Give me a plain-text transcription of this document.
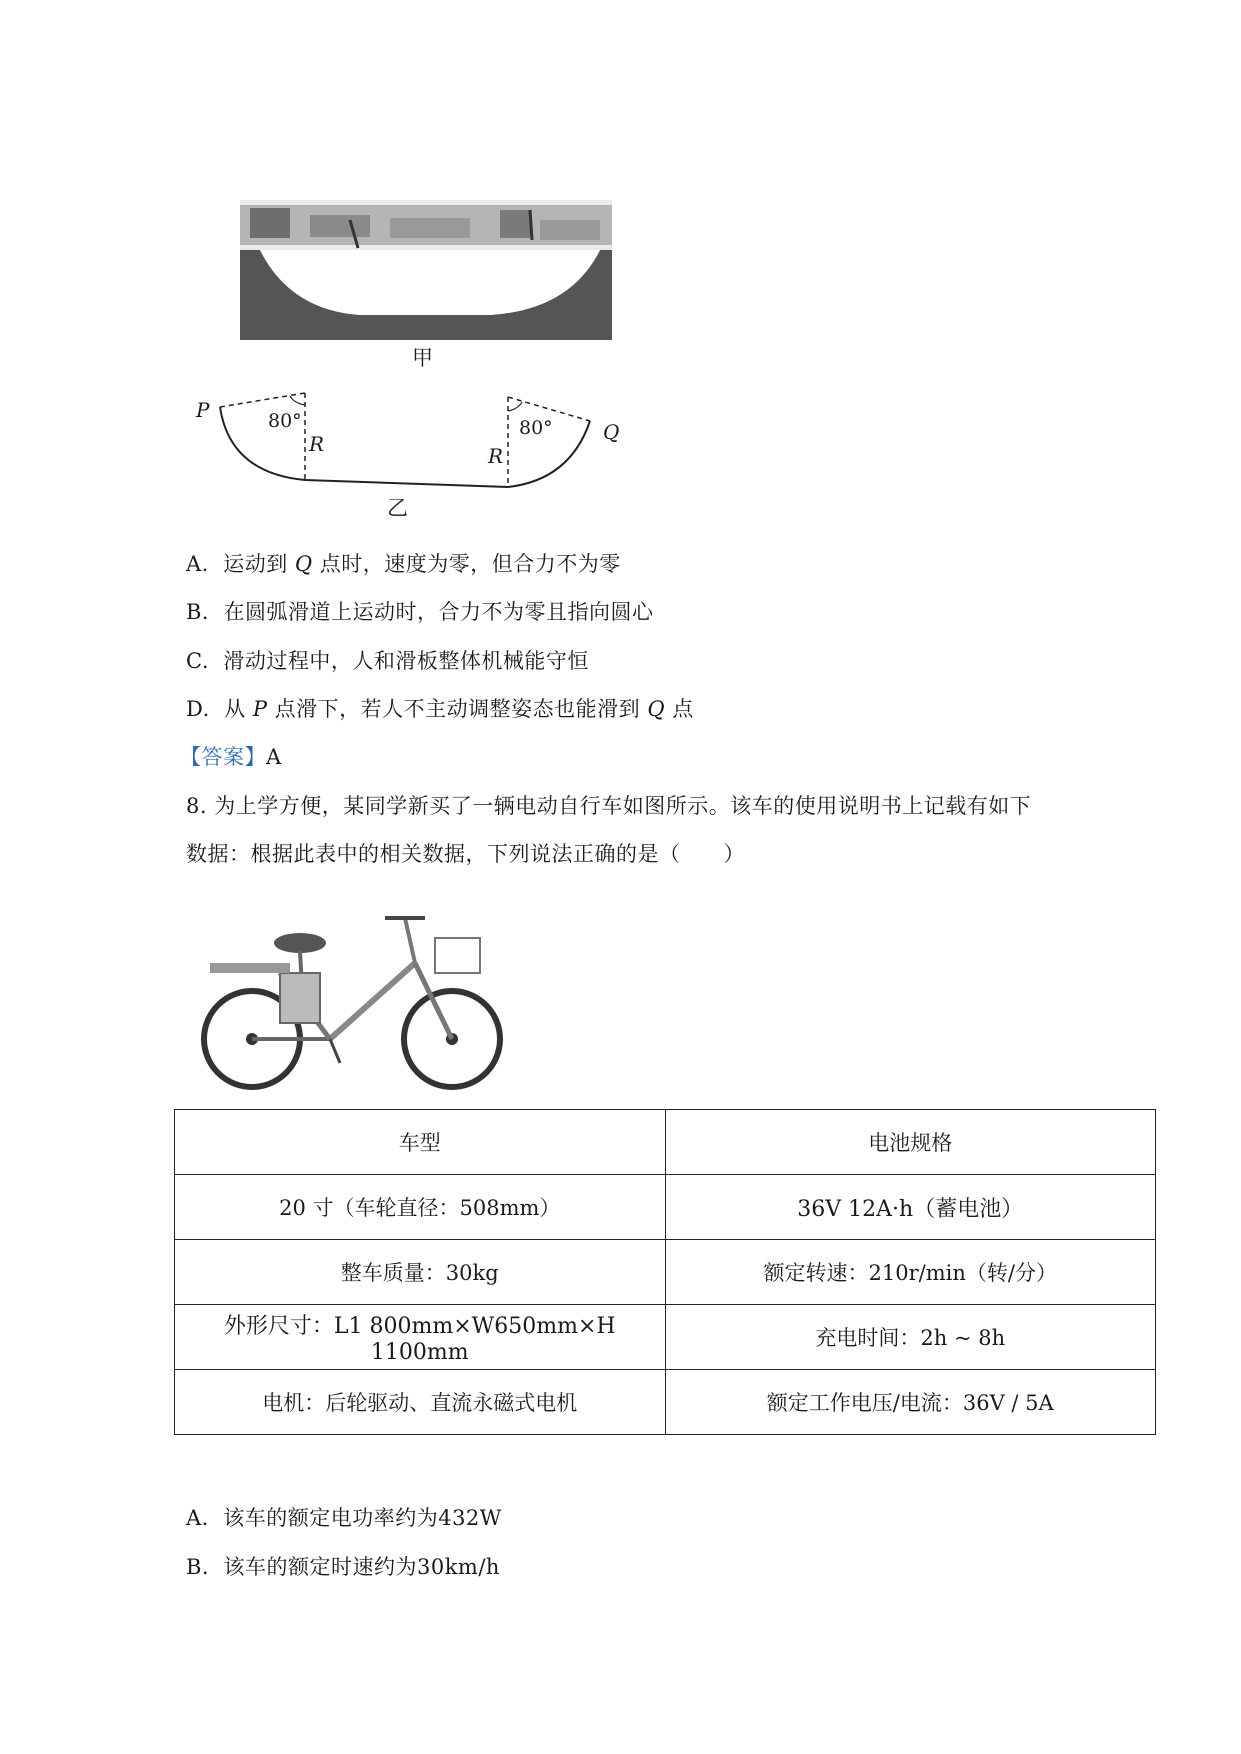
甲
P	80°
R	R
80°	Q
乙
A. 运动到 Q 点时，速度为零，但合力不为零
B. 在圆弧滑道上运动时，合力不为零且指向圆心
C. 滑动过程中，人和滑板整体机械能守恒
D. 从 P 点滑下，若人不主动调整姿态也能滑到 Q 点
【答案】A
8. 为上学方便，某同学新买了一辆电动自行车如图所示。该车的使用说明书上记载有如下
数据：根据此表中的相关数据，下列说法正确的是（　　）
车型	电池规格
20 寸（车轮直径：508mm）	36V 12A·h（蓄电池）
整车质量：30kg	额定转速：210r/min（转/分）
外形尺寸：L1 800mm×W650mm×H 1100mm	充电时间：2h ~ 8h
电机：后轮驱动、直流永磁式电机	额定工作电压/电流：36V / 5A
A. 该车的额定电功率约为432W
B. 该车的额定时速约为30km/h
